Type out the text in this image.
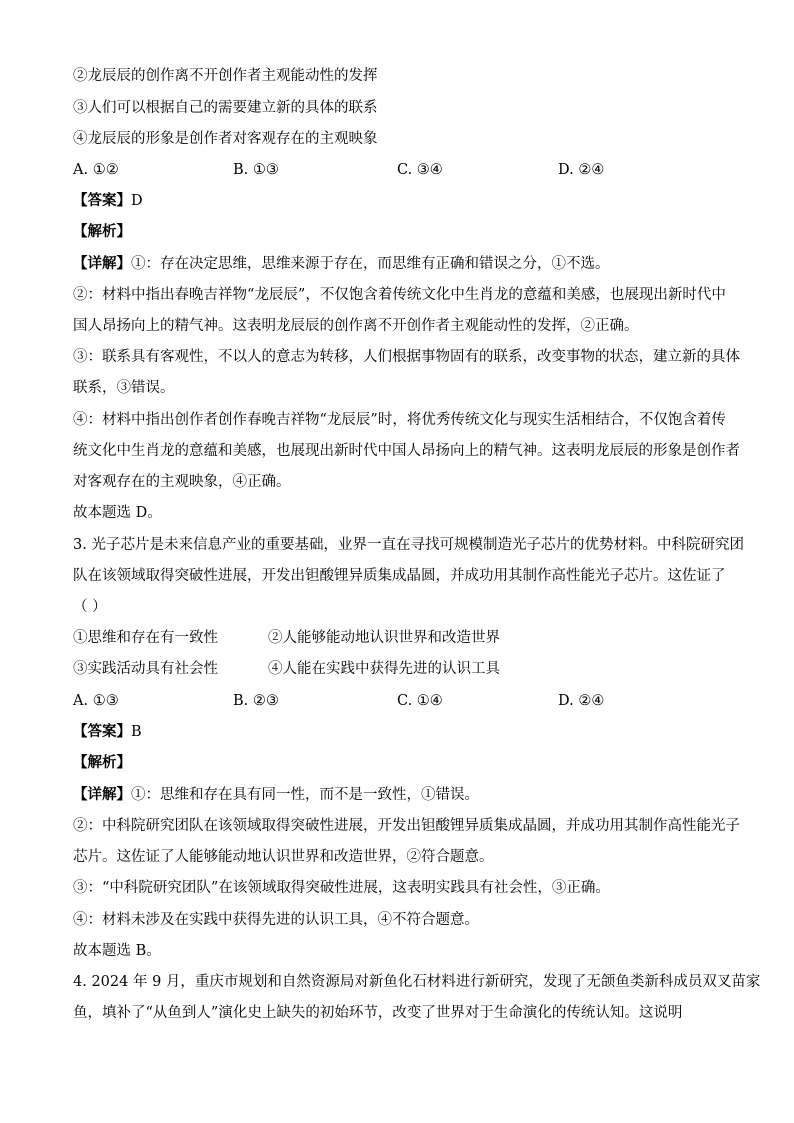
②龙辰辰的创作离不开创作者主观能动性的发挥
③人们可以根据自己的需要建立新的具体的联系
④龙辰辰的形象是创作者对客观存在的主观映象
A. ①②	B. ①③	C. ③④	D. ②④
【答案】D
【解析】
【详解】①：存在决定思维，思维来源于存在，而思维有正确和错误之分，①不选。
②：材料中指出春晚吉祥物“龙辰辰”，不仅饱含着传统文化中生肖龙的意蕴和美感，也展现出新时代中
国人昂扬向上的精气神。这表明龙辰辰的创作离不开创作者主观能动性的发挥，②正确。
③：联系具有客观性，不以人的意志为转移，人们根据事物固有的联系，改变事物的状态，建立新的具体
联系，③错误。
④：材料中指出创作者创作春晚吉祥物“龙辰辰”时，将优秀传统文化与现实生活相结合，不仅饱含着传
统文化中生肖龙的意蕴和美感，也展现出新时代中国人昂扬向上的精气神。这表明龙辰辰的形象是创作者
对客观存在的主观映象，④正确。
故本题选 D。
3. 光子芯片是未来信息产业的重要基础，业界一直在寻找可规模制造光子芯片的优势材料。中科院研究团
队在该领域取得突破性进展，开发出钽酸锂异质集成晶圆，并成功用其制作高性能光子芯片。这佐证了
（ ）
①思维和存在有一致性	②人能够能动地认识世界和改造世界
③实践活动具有社会性	④人能在实践中获得先进的认识工具
A. ①③	B. ②③	C. ①④	D. ②④
【答案】B
【解析】
【详解】①：思维和存在具有同一性，而不是一致性，①错误。
②：中科院研究团队在该领域取得突破性进展，开发出钽酸锂异质集成晶圆，并成功用其制作高性能光子
芯片。这佐证了人能够能动地认识世界和改造世界，②符合题意。
③：“中科院研究团队”在该领域取得突破性进展，这表明实践具有社会性，③正确。
④：材料未涉及在实践中获得先进的认识工具，④不符合题意。
故本题选 B。
4. 2024 年 9 月，重庆市规划和自然资源局对新鱼化石材料进行新研究，发现了无颌鱼类新科成员双叉苗家
鱼，填补了“从鱼到人”演化史上缺失的初始环节，改变了世界对于生命演化的传统认知。这说明
